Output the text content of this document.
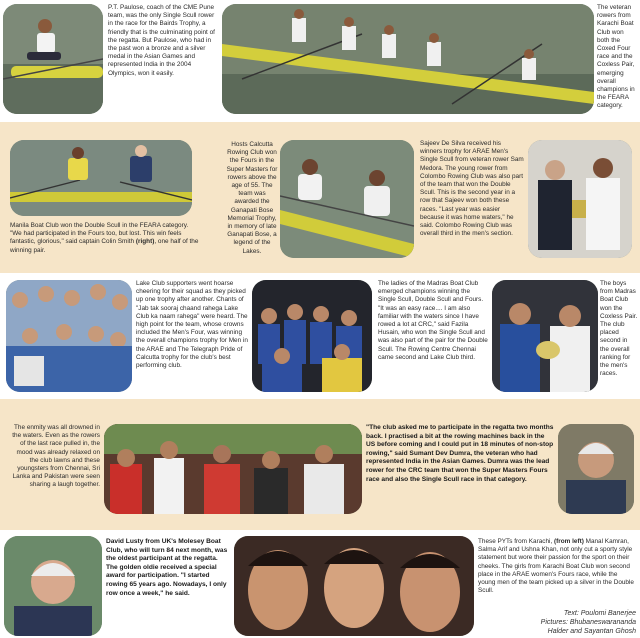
P.T. Paulose, coach of the CME Pune team, was the only Single Scull rower in the race for the Bairds Trophy, a friendly that is the culminating point of the regatta. But Paulose, who had in the past won a bronze and a silver medal in the Asian Games and represented India in the 2004 Olympics, won it easily.
The veteran rowers from Karachi Boat Club won both the Coxed Four race and the Coxless Pair, emerging overall champions in the FEARA category.
Manila Boat Club won the Double Scull in the FEARA category. "We had participated in the Fours too, but lost. This win feels fantastic, glorious," said captain Colin Smith (right), one half of the winning pair.
Hosts Calcutta Rowing Club won the Fours in the Super Masters for rowers above the age of 55. The team was awarded the Ganapati Bose Memorial Trophy, in memory of late Ganapati Bose, a legend of the Lakes.
Sajeev De Silva received his winners trophy for ARAE Men's Single Scull from veteran rower Sam Medora. The young rower from Colombo Rowing Club was also part of the team that won the Double Scull. This is the second year in a row that Sajeev won both these races. "Last year was easier because it was home waters," he said. Colombo Rowing Club was overall third in the men's section.
Lake Club supporters went hoarse cheering for their squad as they picked up one trophy after another. Chants of "Jab tak sooraj chaand rahega Lake Club ka naam rahega" were heard. The high point for the team, whose crowns included the Men's Four, was winning the overall champions trophy for Men in the ARAE and The Telegraph Pride of Calcutta trophy for the club's best performing club.
The ladies of the Madras Boat Club emerged champions winning the Single Scull, Double Scull and Fours. "It was an easy race.... I am also familiar with the waters since I have rowed a lot at CRC," said Fazila Husain, who won the Single Scull and was also part of the pair for the Double Scull. The Rowing Centre Chennai came second and Lake Club third.
The boys from Madras Boat Club won the Coxless Pair. The club placed second in the overall ranking for the men's races.
The enmity was all drowned in the waters. Even as the rowers of the last race pulled in, the mood was already relaxed on the club lawns and these youngsters from Chennai, Sri Lanka and Pakistan were seen sharing a laugh together.
"The club asked me to participate in the regatta two months back. I practised a bit at the rowing machines back in the US before coming and I could put in 18 minutes of non-stop rowing," said Sumant Dev Dumra, the veteran who had represented India in the Asian Games. Dumra was the lead rower for the CRC team that won the Super Masters Fours race and also the Single Scull race in that category.
David Lusty from UK's Molesey Boat Club, who will turn 84 next month, was the oldest participant at the regatta. The golden oldie received a special award for participation. "I started rowing 65 years ago. Nowadays, I only row once a week," he said.
These PYTs from Karachi, (from left) Manal Kamran, Salma Arif and Ushna Khan, not only cut a sporty style statement but wore their passion for the sport on their cheeks. The girls from Karachi Boat Club won second place in the ARAE women's Fours race, while the young men of the team picked up a silver in the Double Scull.
Text: Poulomi Banerjee
Pictures: Bhubaneswarananda
Halder and Sayantan Ghosh
